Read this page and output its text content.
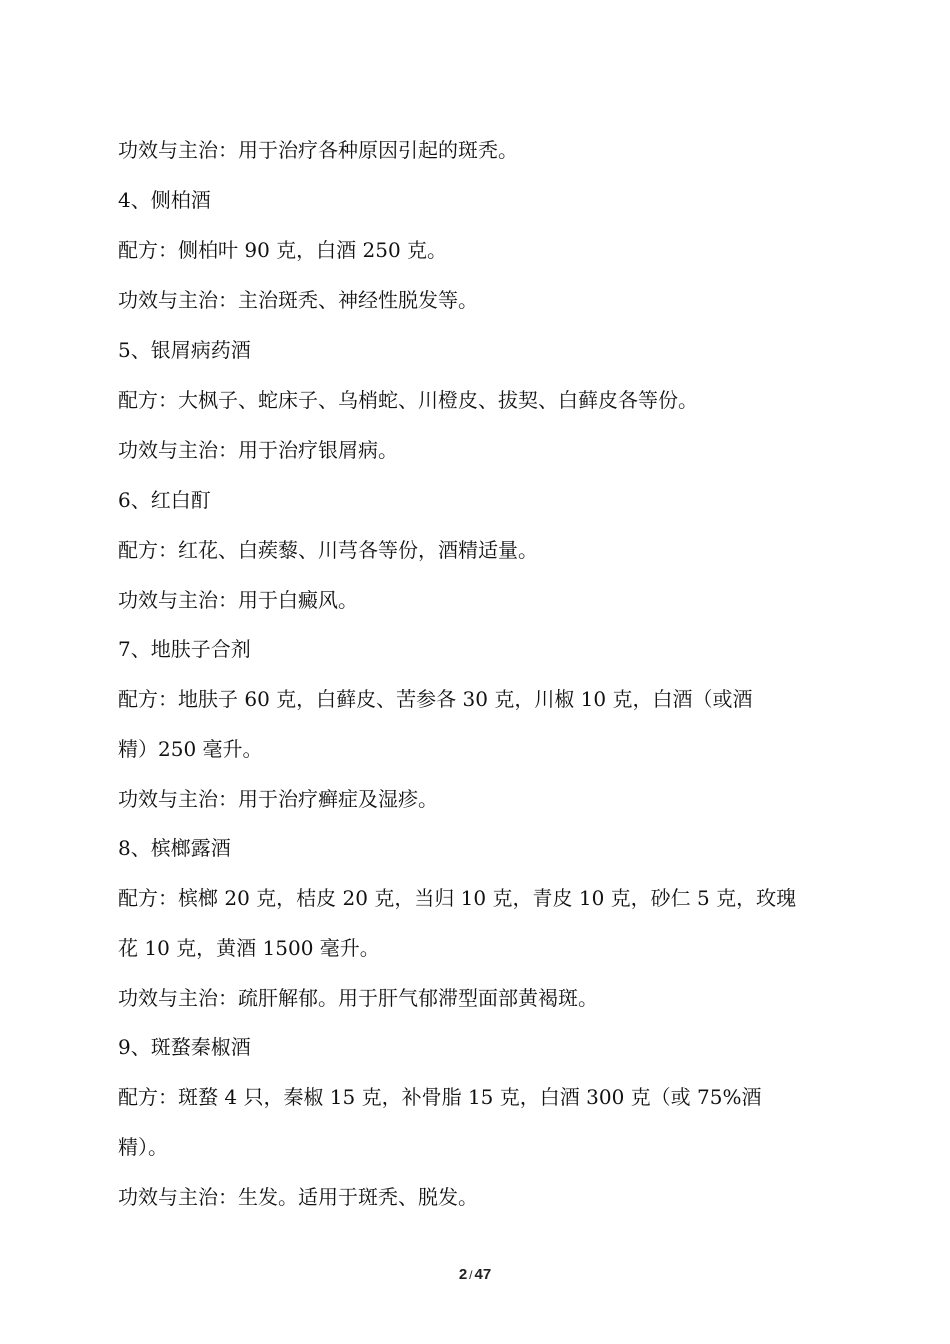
功效与主治：用于治疗各种原因引起的斑秃。
4、侧柏酒
配方：侧柏叶 90 克，白酒 250 克。
功效与主治：主治斑秃、神经性脱发等。
5、银屑病药酒
配方：大枫子、蛇床子、乌梢蛇、川橙皮、拔契、白藓皮各等份。
功效与主治：用于治疗银屑病。
6、红白酊
配方：红花、白蒺藜、川芎各等份，酒精适量。
功效与主治：用于白癜风。
7、地肤子合剂
配方：地肤子 60 克，白藓皮、苦参各 30 克，川椒 10 克，白酒（或酒
精）250 毫升。
功效与主治：用于治疗癣症及湿疹。
8、槟榔露酒
配方：槟榔 20 克，桔皮 20 克，当归 10 克，青皮 10 克，砂仁 5 克，玫瑰
花 10 克，黄酒 1500 毫升。
功效与主治：疏肝解郁。用于肝气郁滞型面部黄褐斑。
9、斑蝥秦椒酒
配方：斑蝥 4 只，秦椒 15 克，补骨脂 15 克，白酒 300 克（或 75%酒
精）。
功效与主治：生发。适用于斑秃、脱发。
2 / 47
